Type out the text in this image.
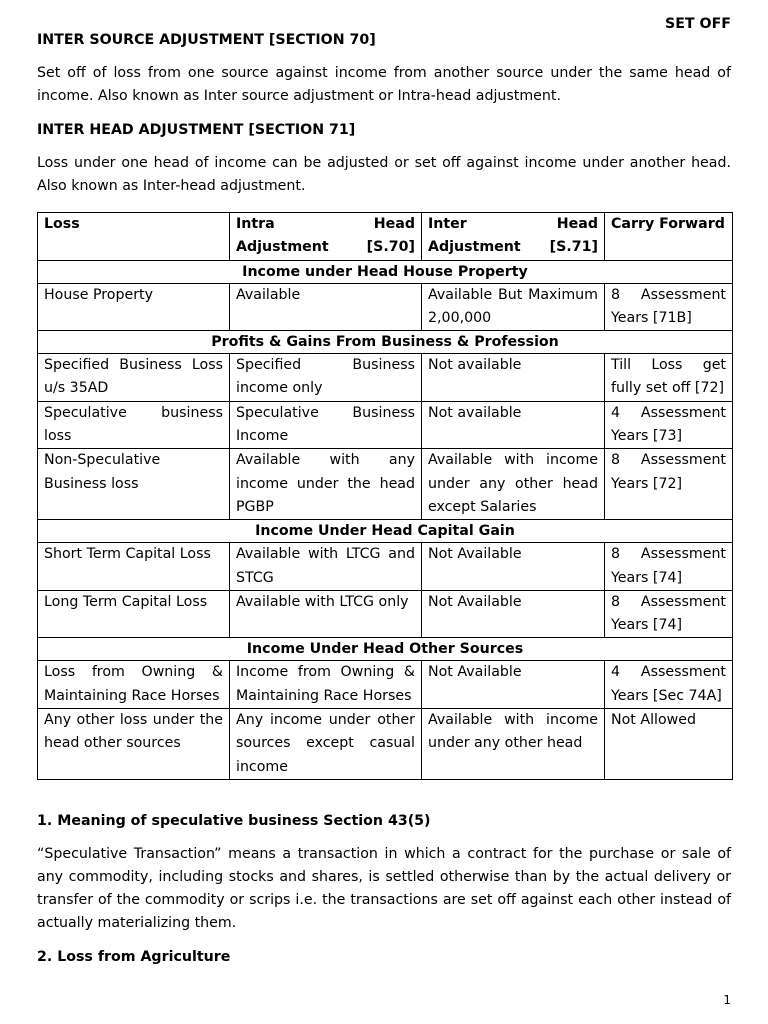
SET OFF
INTER SOURCE ADJUSTMENT [SECTION 70]

Set off of loss from one source against income from another source under the same head of income. Also known as Inter source adjustment or Intra-head adjustment.

INTER HEAD ADJUSTMENT [SECTION 71]

Loss under one head of income can be adjusted or set off against income under another head. Also known as Inter-head adjustment.

Loss	Intra Head Adjustment [S.70]	Inter Head Adjustment [S.71]	Carry Forward
Income under Head House Property			
House Property	Available	Available But Maximum 2,00,000	8 Assessment Years [71B]
Profits & Gains From Business & Profession			
Specified Business Loss u/s 35AD	Specified Business income only	Not available	Till Loss get fully set off [72]
Speculative business loss	Speculative Business Income	Not available	4 Assessment Years [73]
Non-Speculative Business loss	Available with any income under the head PGBP	Available with income under any other head except Salaries	8 Assessment Years [72]
Income Under Head Capital Gain			
Short Term Capital Loss	Available with LTCG and STCG	Not Available	8 Assessment Years [74]
Long Term Capital Loss	Available with LTCG only	Not Available	8 Assessment Years [74]
Income Under Head Other Sources			
Loss from Owning & Maintaining Race Horses	Income from Owning & Maintaining Race Horses	Not Available	4 Assessment Years [Sec 74A]
Any other loss under the head other sources	Any income under other sources except casual income	Available with income under any other head	Not Allowed
1. Meaning of speculative business Section 43(5)

“Speculative Transaction” means a transaction in which a contract for the purchase or sale of any commodity, including stocks and shares, is settled otherwise than by the actual delivery or transfer of the commodity or scrips i.e. the transactions are set off against each other instead of actually materializing them.

2. Loss from Agriculture
1
